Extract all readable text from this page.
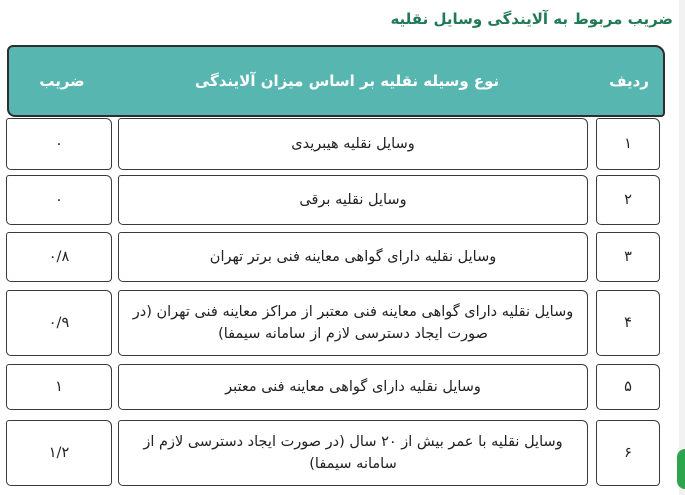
ضریب مربوط به آلایندگی وسایل نقلیه
ردیف
نوع وسیله نقلیه بر اساس میزان آلایندگی
ضریب
۱
وسایل نقلیه هیبریدی
۰
۲
وسایل نقلیه برقی
۰
۳
وسایل نقلیه دارای گواهی معاینه فنی برتر تهران
۰/۸
۴
وسایل نقلیه دارای گواهی معاینه فنی معتبر از مراکز معاینه فنی تهران (در صورت ایجاد دسترسی لازم از سامانه سیمفا)
۰/۹
۵
وسایل نقلیه دارای گواهی معاینه فنی معتبر
۱
۶
وسایل نقلیه با عمر بیش از ۲۰ سال (در صورت ایجاد دسترسی لازم از سامانه سیمفا)
۱/۲
